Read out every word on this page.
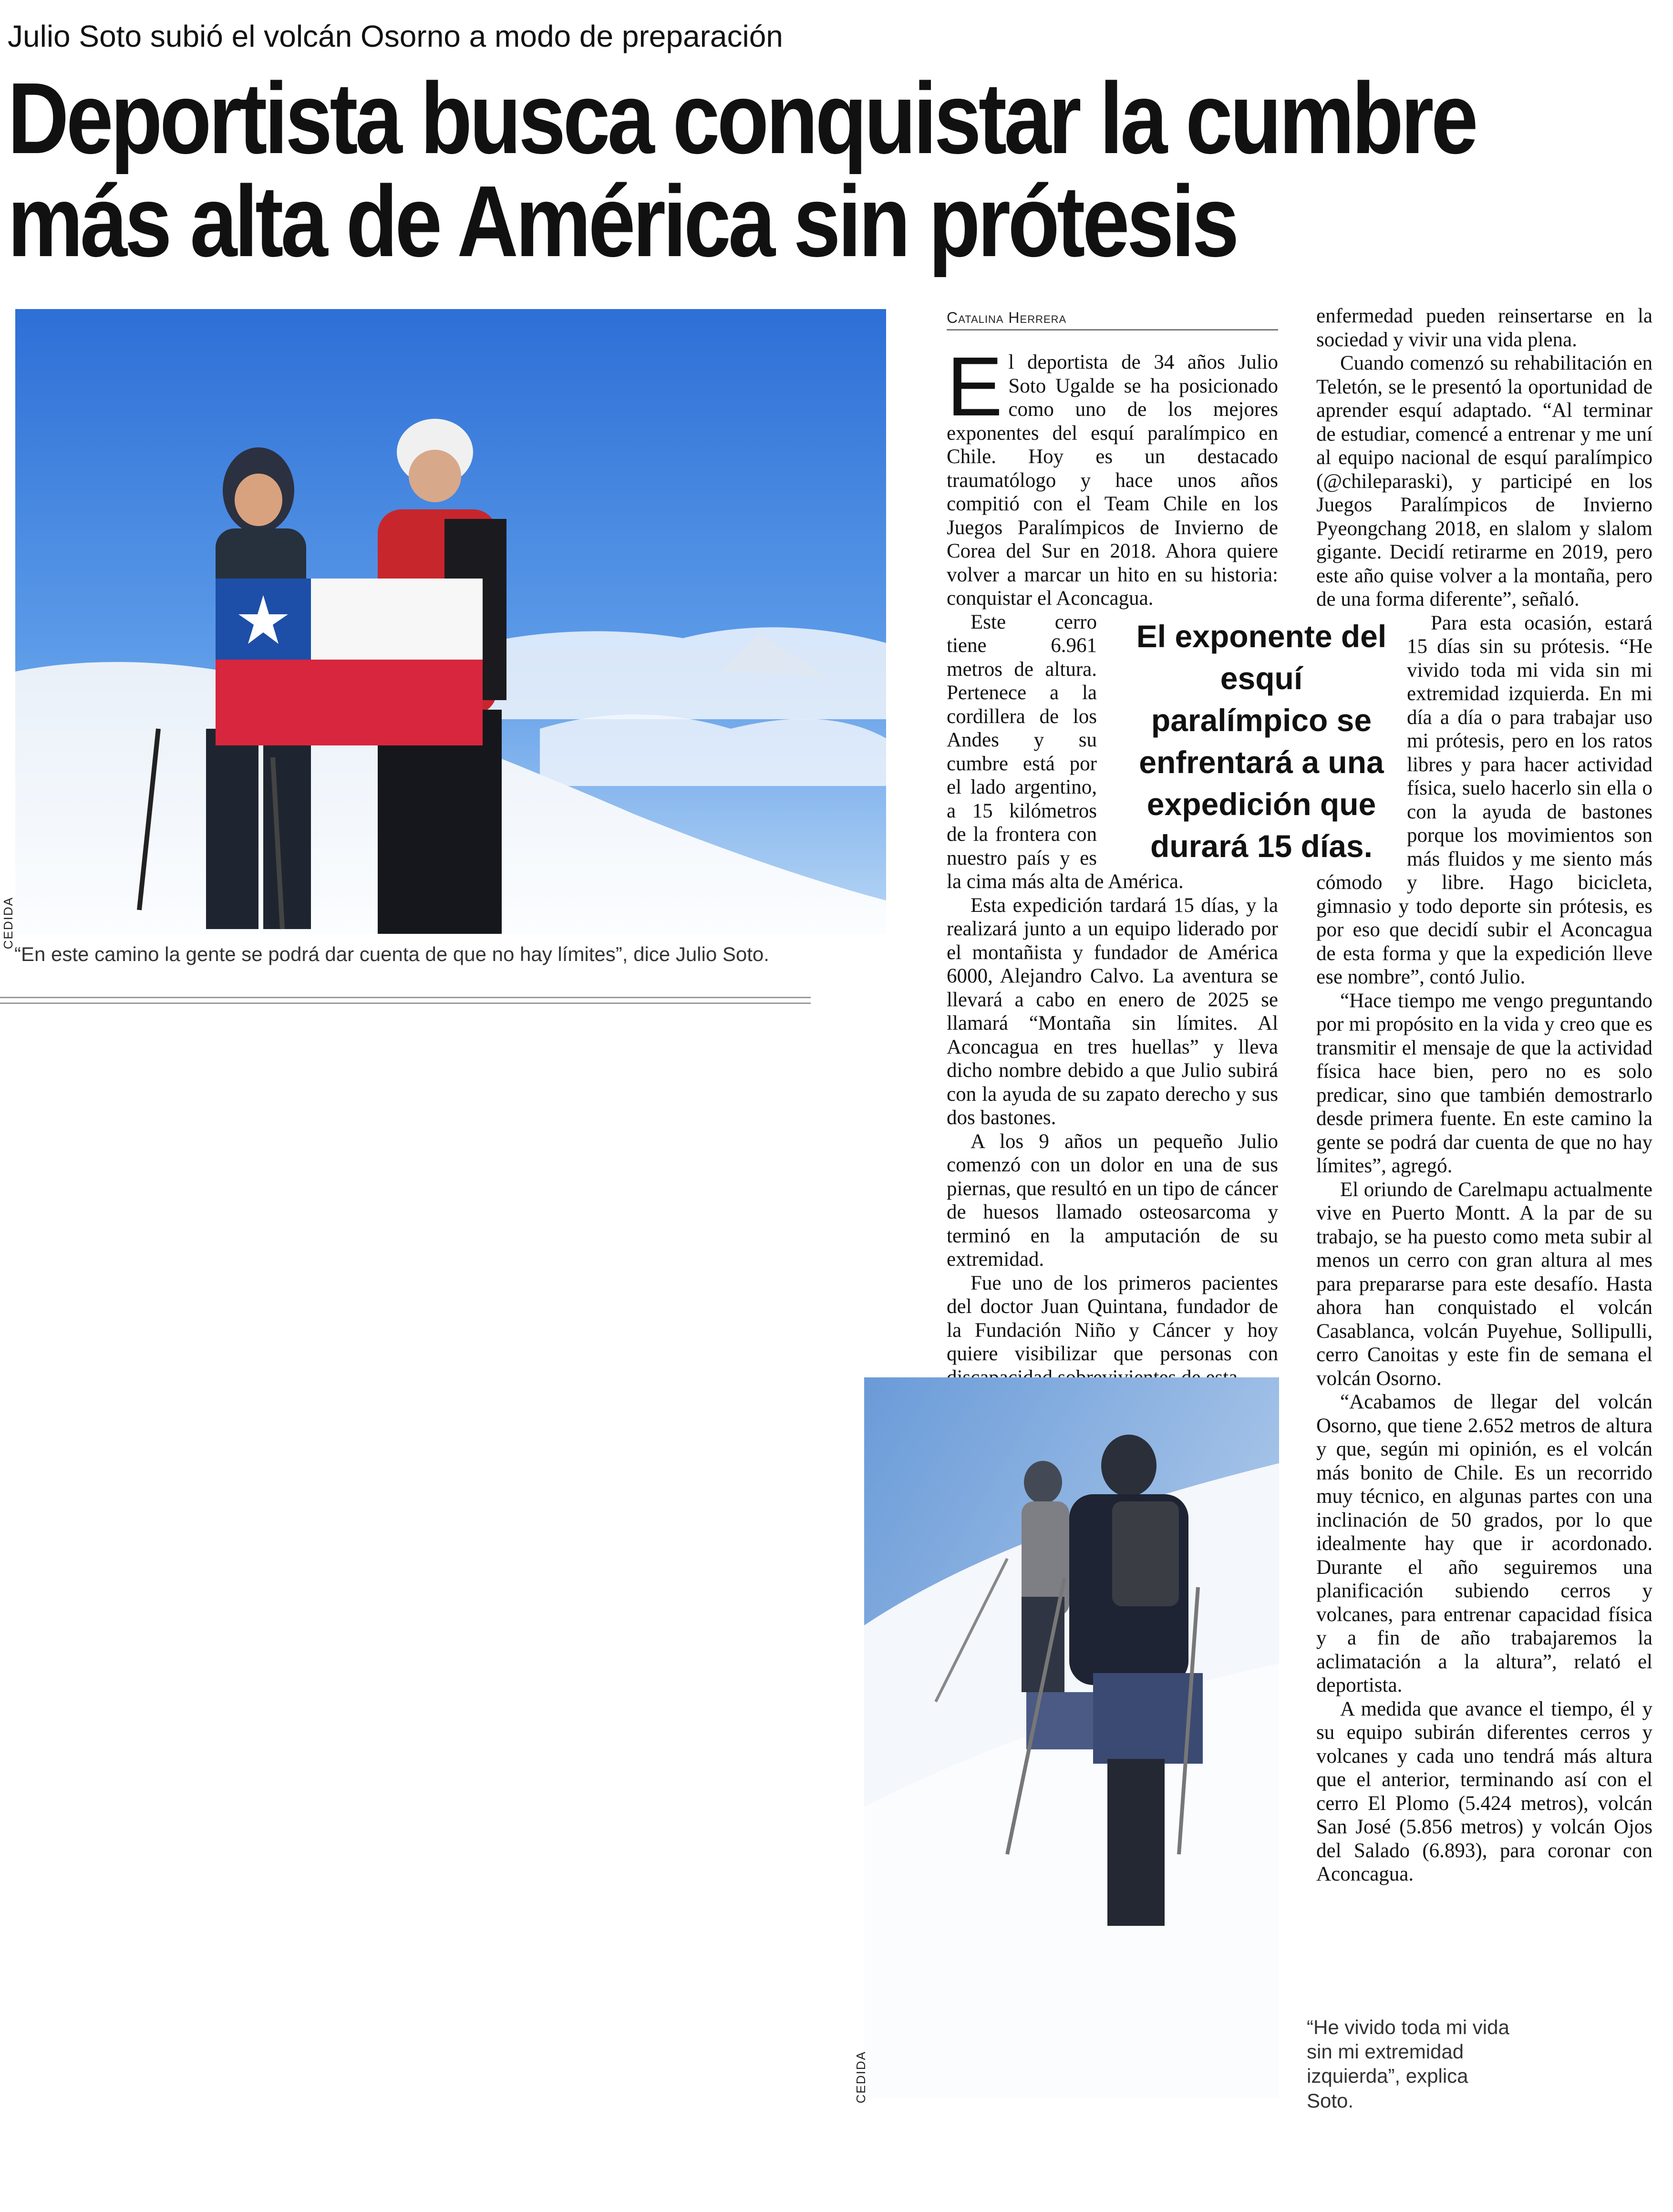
Julio Soto subió el volcán Osorno a modo de preparación
Deportista busca conquistar la cumbre
más alta de América sin prótesis
CEDIDA
“En este camino la gente se podrá dar cuenta de que no hay límites”, dice Julio Soto.
Catalina Herrera

El deportista de 34 años Julio Soto Ugalde se ha posicionado como uno de los mejores exponentes del esquí paralímpico en Chile. Hoy es un destacado traumatólogo y hace unos años compitió con el Team Chile en los Juegos Paralímpicos de Invierno de Corea del Sur en 2018. Ahora quiere volver a marcar un hito en su historia: conquistar el Aconcagua.

Este cerro tiene 6.961 metros de altura. Pertenece a la cordillera de los Andes y su cumbre está por el lado argentino, a 15 kilómetros de la frontera con nuestro país y es la cima más alta de América.

Esta expedición tardará 15 días, y la realizará junto a un equipo liderado por el montañista y fundador de América 6000, Alejandro Calvo. La aventura se llevará a cabo en enero de 2025 se llamará “Montaña sin límites. Al Aconcagua en tres huellas” y lleva dicho nombre debido a que Julio subirá con la ayuda de su zapato derecho y sus dos bastones.

A los 9 años un pequeño Julio comenzó con un dolor en una de sus piernas, que resultó en un tipo de cáncer de huesos llamado osteosarcoma y terminó en la amputación de su extremidad.

Fue uno de los primeros pacientes del doctor Juan Quintana, fundador de la Fundación Niño y Cáncer y hoy quiere visibilizar que personas con

El exponente del esquí paralímpico se enfrentará a una expedición que durará 15 días.

enfermedad pueden reinsertarse en la sociedad y vivir una vida plena.

Cuando comenzó su rehabilitación en Teletón, se le presentó la oportunidad de aprender esquí adaptado. “Al terminar de estudiar, comencé a entrenar y me uní al equipo nacional de esquí paralímpico (@chileparaski), y participé en los Juegos Paralímpicos de Invierno Pyeongchang 2018, en slalom y slalom gigante. Decidí retirarme en 2019, pero este año quise volver a la montaña, pero de una forma diferente”, señaló.

Para esta ocasión, estará 15 días sin su prótesis. “He vivido toda mi vida sin mi extremidad izquierda. En mi día a día o para trabajar uso mi prótesis, pero en los ratos libres y para hacer actividad física, suelo hacerlo sin ella o con la ayuda de bastones porque los movimientos son más fluidos y me siento más cómodo y libre. Hago bicicleta, gimnasio y todo deporte sin prótesis, es por eso que decidí subir el Aconcagua de esta forma y que la expedición lleve ese nombre”, contó Julio.

“Hace tiempo me vengo preguntando por mi propósito en la vida y creo que es transmitir el mensaje de que la actividad física hace bien, pero no es solo predicar, sino que también demostrarlo desde primera fuente. En este camino la gente se podrá dar cuenta de que no hay límites”, agregó.

El oriundo de Carelmapu actualmente vive en Puerto Montt. A la par de su trabajo, se ha puesto como meta subir al menos un cerro con gran altura al mes para prepararse para este desafío. Hasta ahora han conquistado el volcán Casablanca, volcán Puyehue, Sollipulli, cerro Canoitas y este fin de semana el volcán Osorno.

“Acabamos de llegar del volcán Osorno, que tiene 2.652 metros de altura y que, según mi opinión, es el volcán más bonito de Chile. Es un recorrido muy técnico, en algunas partes con una inclinación de 50 grados, por lo que idealmente hay que ir acordonado. Durante el año seguiremos una planificación subiendo cerros y volcanes, para entrenar capacidad física y a fin de año trabajaremos la aclimatación a la altura”, relató el deportista.

A medida que avance el tiempo, él y su equipo subirán diferentes cerros y volcanes y cada uno tendrá más altura que el anterior, terminando así con el cerro El Plomo (5.424 metros), volcán San José (5.856 metros) y volcán Ojos del Salado (6.893), para coronar con Aconcagua.

CEDIDA
“He vivido toda mi vida sin mi extremidad izquierda”, explica Soto.
